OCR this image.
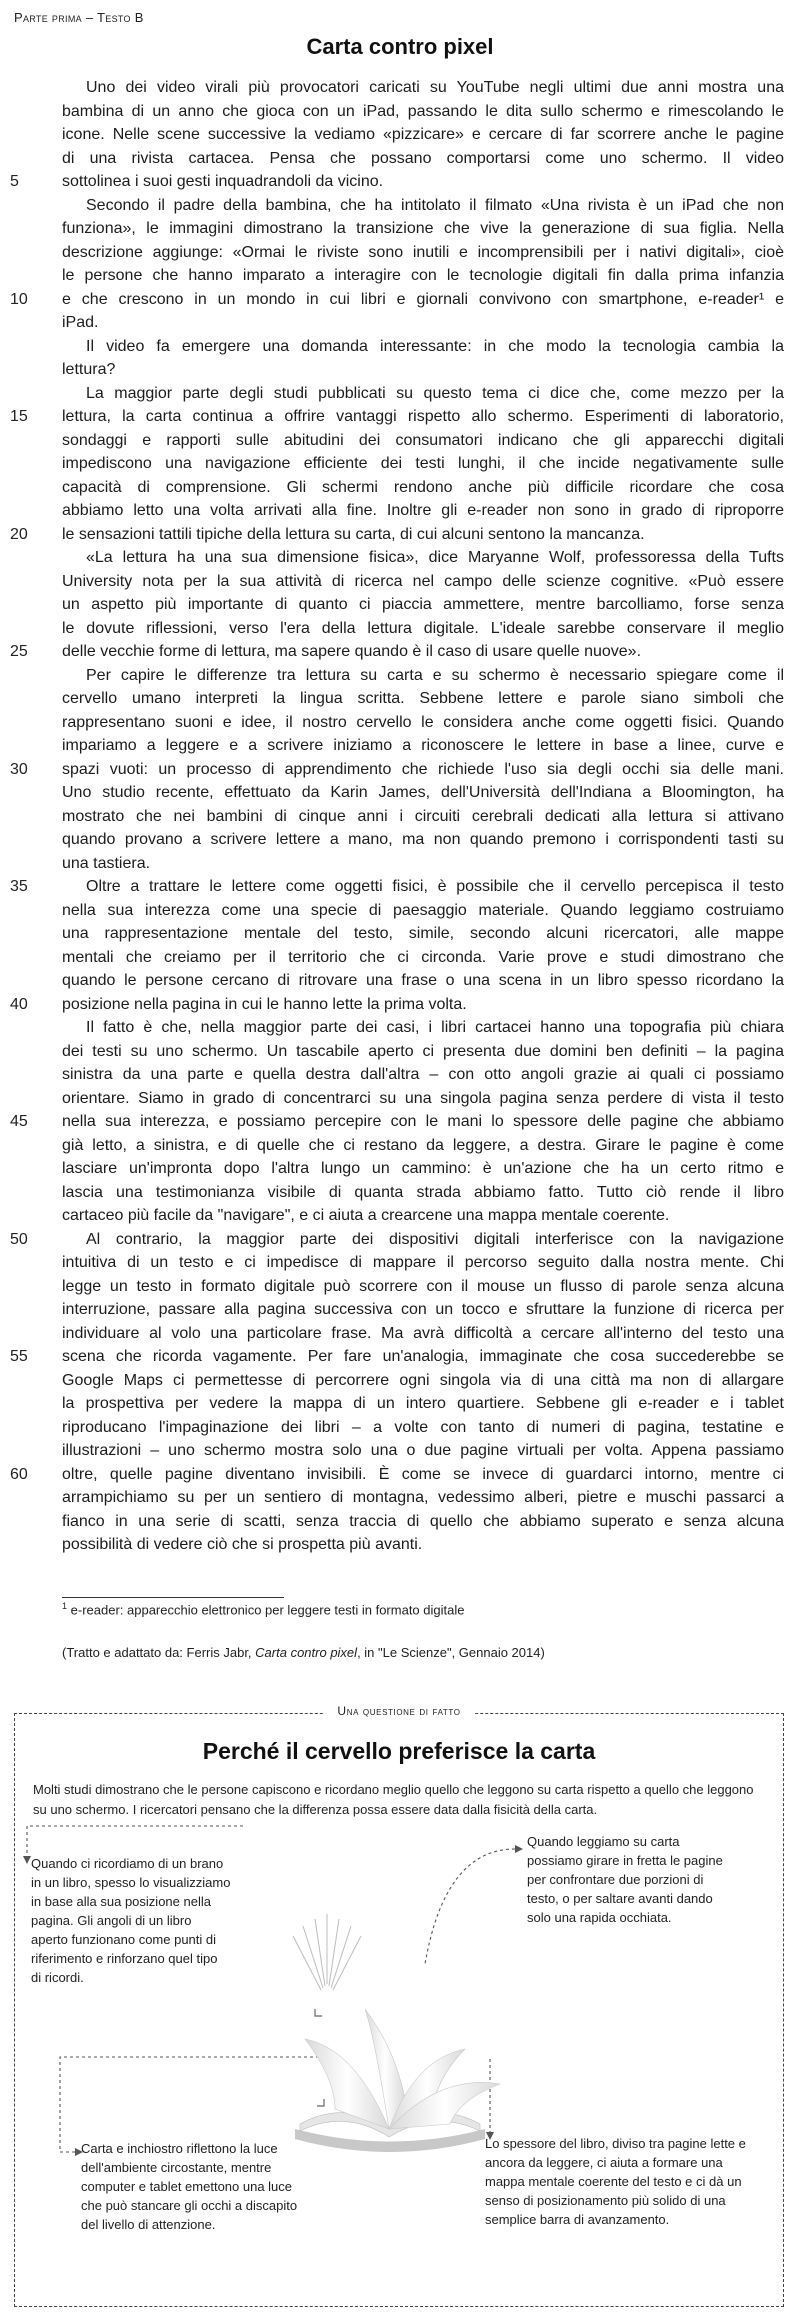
Parte prima – Testo B
Carta contro pixel
Uno dei video virali più provocatori caricati su YouTube negli ultimi due anni mostra una
bambina di un anno che gioca con un iPad, passando le dita sullo schermo e rimescolando le
icone. Nelle scene successive la vediamo «pizzicare» e cercare di far scorrere anche le pagine
di una rivista cartacea. Pensa che possano comportarsi come uno schermo. Il video
5	sottolinea i suoi gesti inquadrandoli da vicino.
Secondo il padre della bambina, che ha intitolato il filmato «Una rivista è un iPad che non
funziona», le immagini dimostrano la transizione che vive la generazione di sua figlia. Nella
descrizione aggiunge: «Ormai le riviste sono inutili e incomprensibili per i nativi digitali», cioè
le persone che hanno imparato a interagire con le tecnologie digitali fin dalla prima infanzia
10 e che crescono in un mondo in cui libri e giornali convivono con smartphone, e-reader¹ e
iPad.
Il video fa emergere una domanda interessante: in che modo la tecnologia cambia la
lettura?
La maggior parte degli studi pubblicati su questo tema ci dice che, come mezzo per la
15 lettura, la carta continua a offrire vantaggi rispetto allo schermo. Esperimenti di laboratorio,
sondaggi e rapporti sulle abitudini dei consumatori indicano che gli apparecchi digitali
impediscono una navigazione efficiente dei testi lunghi, il che incide negativamente sulle
capacità di comprensione. Gli schermi rendono anche più difficile ricordare che cosa
abbiamo letto una volta arrivati alla fine. Inoltre gli e-reader non sono in grado di riproporre
20 le sensazioni tattili tipiche della lettura su carta, di cui alcuni sentono la mancanza.
«La lettura ha una sua dimensione fisica», dice Maryanne Wolf, professoressa della Tufts
University nota per la sua attività di ricerca nel campo delle scienze cognitive. «Può essere
un aspetto più importante di quanto ci piaccia ammettere, mentre barcolliamo, forse senza
le dovute riflessioni, verso l'era della lettura digitale. L'ideale sarebbe conservare il meglio
25 delle vecchie forme di lettura, ma sapere quando è il caso di usare quelle nuove».
Per capire le differenze tra lettura su carta e su schermo è necessario spiegare come il
cervello umano interpreti la lingua scritta. Sebbene lettere e parole siano simboli che
rappresentano suoni e idee, il nostro cervello le considera anche come oggetti fisici. Quando
impariamo a leggere e a scrivere iniziamo a riconoscere le lettere in base a linee, curve e
30 spazi vuoti: un processo di apprendimento che richiede l'uso sia degli occhi sia delle mani.
Uno studio recente, effettuato da Karin James, dell'Università dell'Indiana a Bloomington, ha
mostrato che nei bambini di cinque anni i circuiti cerebrali dedicati alla lettura si attivano
quando provano a scrivere lettere a mano, ma non quando premono i corrispondenti tasti su
una tastiera.
35	Oltre a trattare le lettere come oggetti fisici, è possibile che il cervello percepisca il testo
nella sua interezza come una specie di paesaggio materiale. Quando leggiamo costruiamo
una rappresentazione mentale del testo, simile, secondo alcuni ricercatori, alle mappe
mentali che creiamo per il territorio che ci circonda. Varie prove e studi dimostrano che
quando le persone cercano di ritrovare una frase o una scena in un libro spesso ricordano la
40 posizione nella pagina in cui le hanno lette la prima volta.
Il fatto è che, nella maggior parte dei casi, i libri cartacei hanno una topografia più chiara
dei testi su uno schermo. Un tascabile aperto ci presenta due domini ben definiti – la pagina
sinistra da una parte e quella destra dall'altra – con otto angoli grazie ai quali ci possiamo
orientare. Siamo in grado di concentrarci su una singola pagina senza perdere di vista il testo
45 nella sua interezza, e possiamo percepire con le mani lo spessore delle pagine che abbiamo
già letto, a sinistra, e di quelle che ci restano da leggere, a destra. Girare le pagine è come
lasciare un'impronta dopo l'altra lungo un cammino: è un'azione che ha un certo ritmo e
lascia una testimonianza visibile di quanta strada abbiamo fatto. Tutto ciò rende il libro
cartaceo più facile da "navigare", e ci aiuta a crearcene una mappa mentale coerente.
50	Al contrario, la maggior parte dei dispositivi digitali interferisce con la navigazione
intuitiva di un testo e ci impedisce di mappare il percorso seguito dalla nostra mente. Chi
legge un testo in formato digitale può scorrere con il mouse un flusso di parole senza alcuna
interruzione, passare alla pagina successiva con un tocco e sfruttare la funzione di ricerca per
individuare al volo una particolare frase. Ma avrà difficoltà a cercare all'interno del testo una
55 scena che ricorda vagamente. Per fare un'analogia, immaginate che cosa succederebbe se
Google Maps ci permettesse di percorrere ogni singola via di una città ma non di allargare
la prospettiva per vedere la mappa di un intero quartiere. Sebbene gli e-reader e i tablet
riproducano l'impaginazione dei libri – a volte con tanto di numeri di pagina, testatine e
illustrazioni – uno schermo mostra solo una o due pagine virtuali per volta. Appena passiamo
60 oltre, quelle pagine diventano invisibili. È come se invece di guardarci intorno, mentre ci
arrampichiamo su per un sentiero di montagna, vedessimo alberi, pietre e muschi passarci a
fianco in una serie di scatti, senza traccia di quello che abbiamo superato e senza alcuna
possibilità di vedere ciò che si prospetta più avanti.
$^1$ e-reader: apparecchio elettronico per leggere testi in formato digitale
(Tratto e adattato da: Ferris Jabr, Carta contro pixel, in "Le Scienze", Gennaio 2014)
Una questione di fatto
Perché il cervello preferisce la carta
Molti studi dimostrano che le persone capiscono e ricordano meglio quello che leggono su carta rispetto a quello che leggono su uno schermo. I ricercatori pensano che la differenza possa essere data dalla fisicità della carta.
Quando ci ricordiamo di un brano in un libro, spesso lo visualizziamo in base alla sua posizione nella pagina. Gli angoli di un libro aperto funzionano come punti di riferimento e rinforzano quel tipo di ricordi.
Quando leggiamo su carta possiamo girare in fretta le pagine per confrontare due porzioni di testo, o per saltare avanti dando solo una rapida occhiata.
Carta e inchiostro riflettono la luce dell'ambiente circostante, mentre computer e tablet emettono una luce che può stancare gli occhi a discapito del livello di attenzione.
Lo spessore del libro, diviso tra pagine lette e ancora da leggere, ci aiuta a formare una mappa mentale coerente del testo e ci dà un senso di posizionamento più solido di una semplice barra di avanzamento.
